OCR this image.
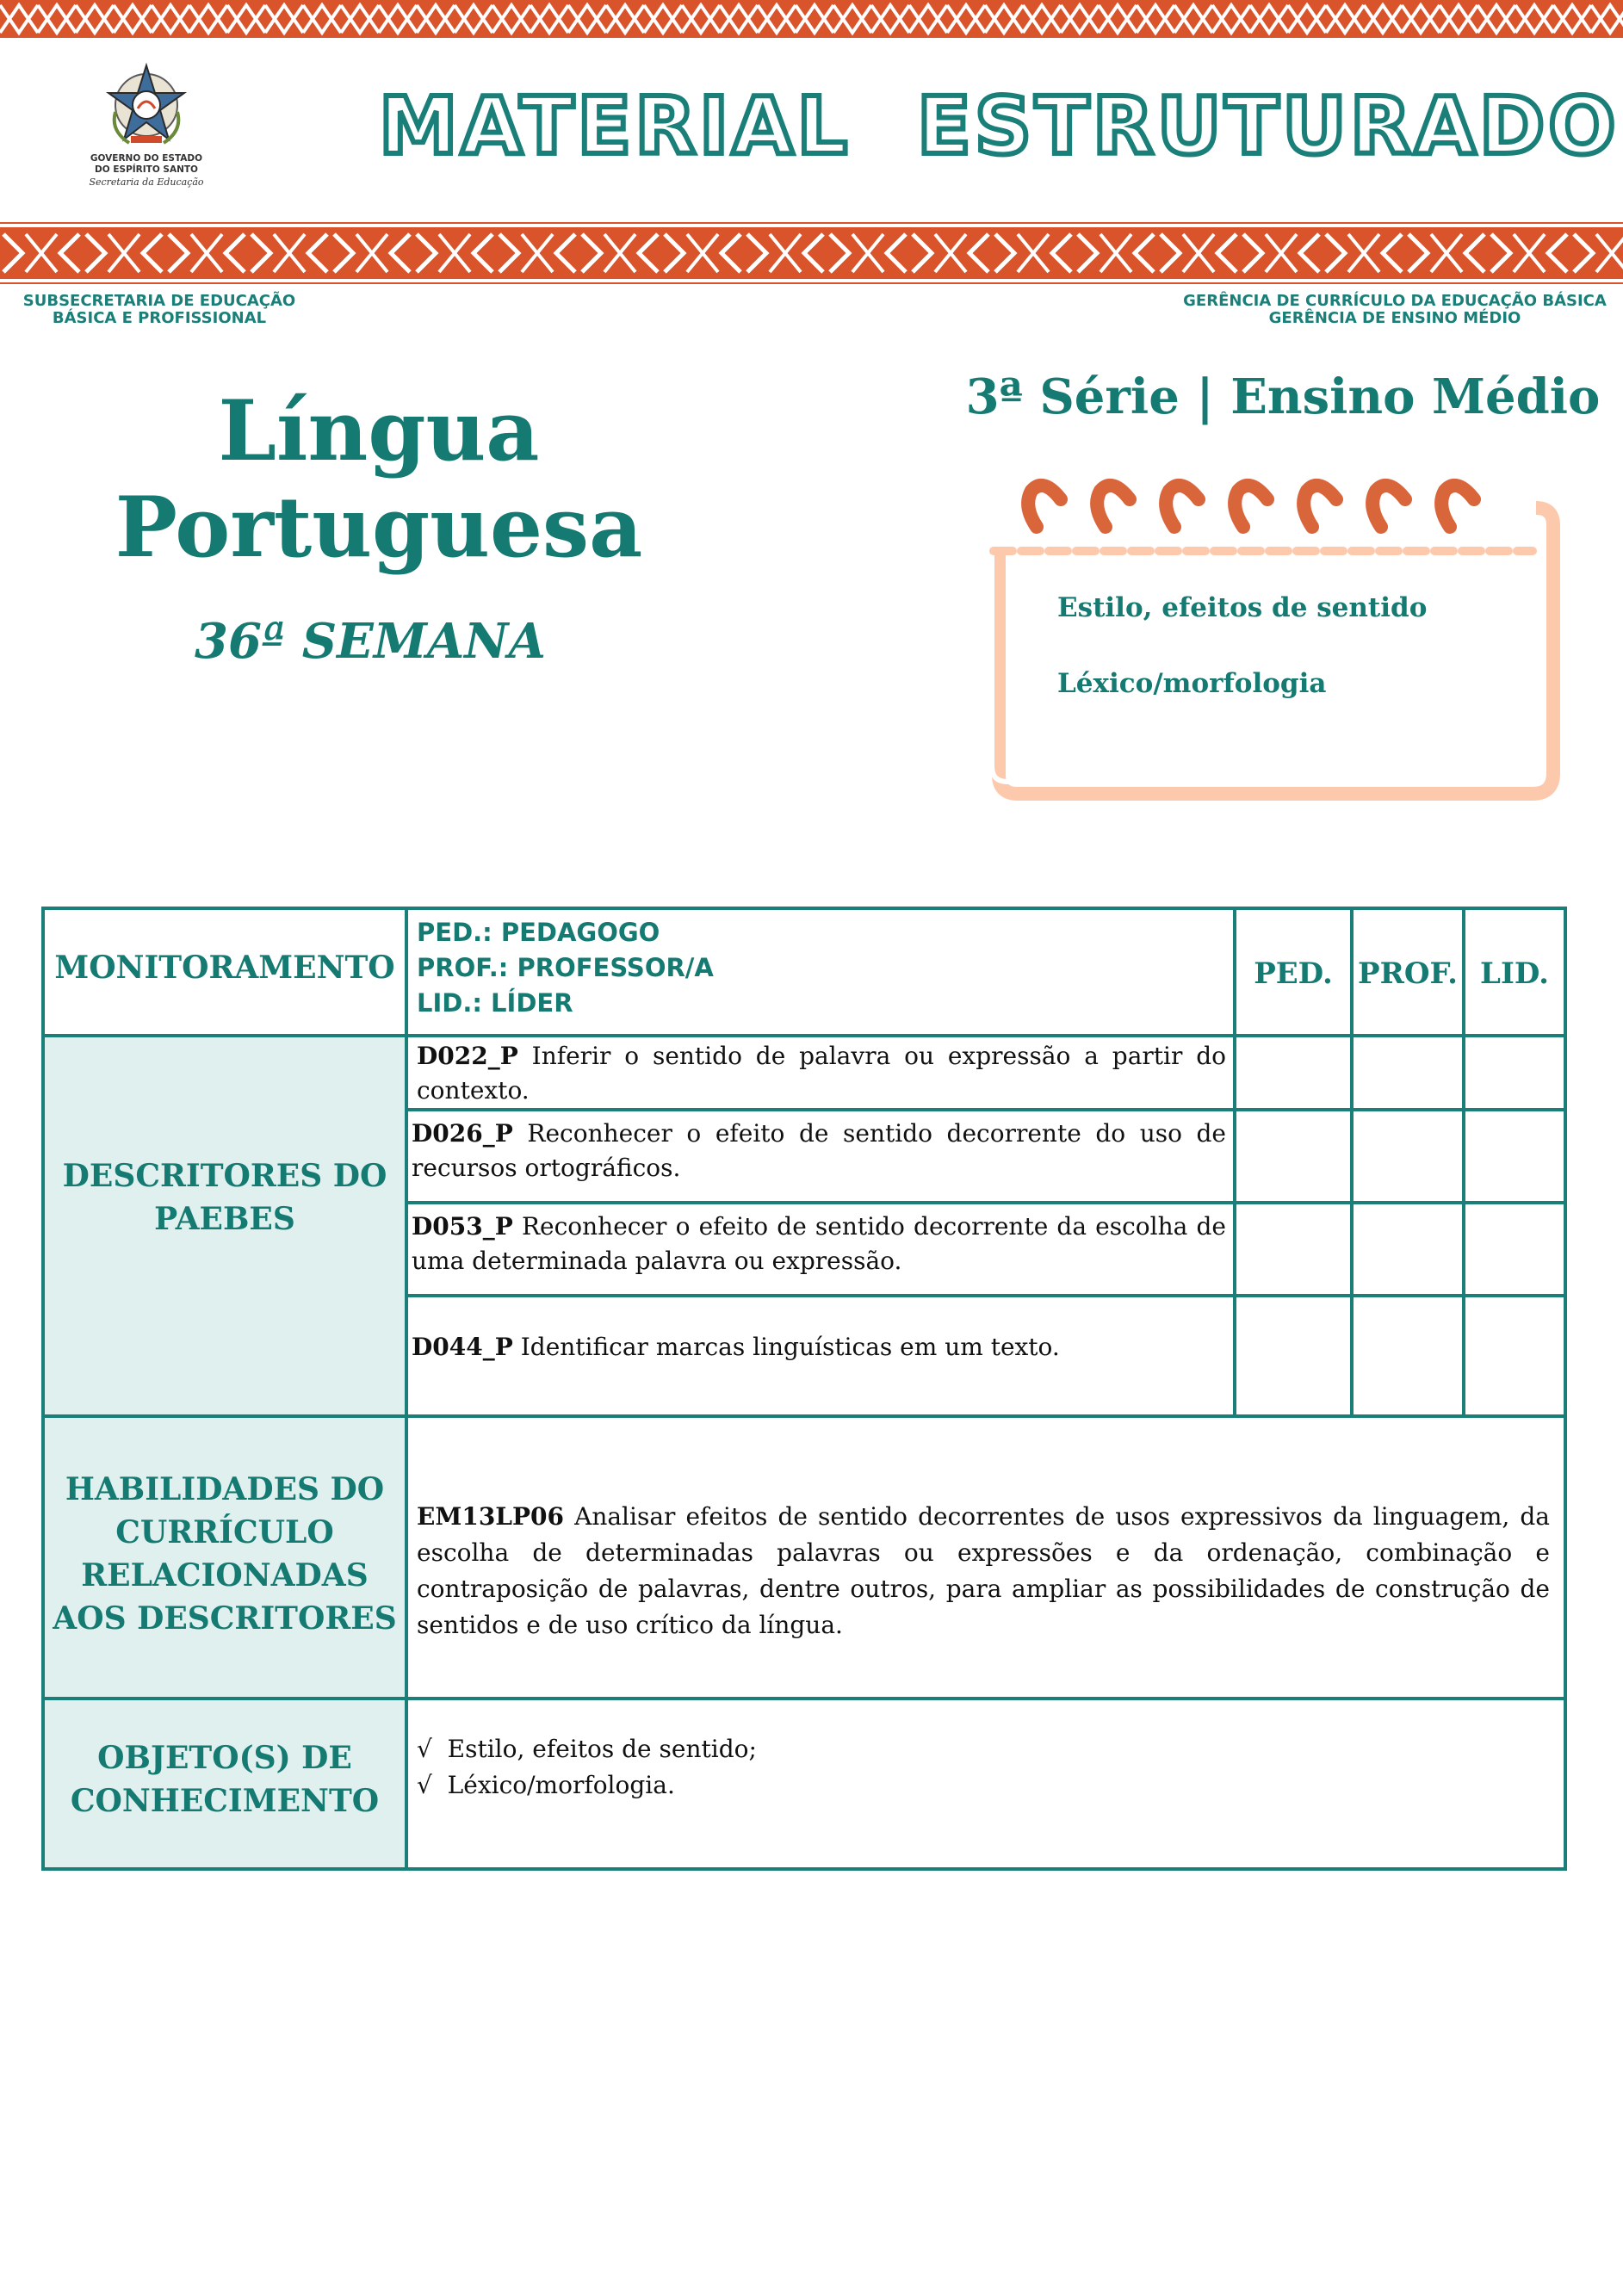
GOVERNO DO ESTADO
DO ESPÍRITO SANTO
Secretaria da Educação
MATERIAL ESTRUTURADO
SUBSECRETARIA DE EDUCAÇÃO
BÁSICA E PROFISSIONAL
GERÊNCIA DE CURRÍCULO DA EDUCAÇÃO BÁSICA
GERÊNCIA DE ENSINO MÉDIO
Língua
Portuguesa
36ª SEMANA
3ª Série | Ensino Médio
Estilo, efeitos de sentido
Léxico/morfologia
MONITORAMENTO
PED.: PEDAGOGO
PROF.: PROFESSOR/A
LID.: LÍDER
PED. PROF. LID.
DESCRITORES DO
PAEBES
D022_P Inferir o sentido de palavra ou expressão a partir do contexto.
D026_P Reconhecer o efeito de sentido decorrente do uso de recursos ortográficos.
D053_P Reconhecer o efeito de sentido decorrente da escolha de uma determinada palavra ou expressão.
D044_P Identificar marcas linguísticas em um texto.
HABILIDADES DO
CURRÍCULO
RELACIONADAS
AOS DESCRITORES
EM13LP06 Analisar efeitos de sentido decorrentes de usos expressivos da linguagem, da escolha de determinadas palavras ou expressões e da ordenação, combinação e contraposição de palavras, dentre outros, para ampliar as possibilidades de construção de sentidos e de uso crítico da língua.
OBJETO(S) DE
CONHECIMENTO
√ Estilo, efeitos de sentido;
√ Léxico/morfologia.
